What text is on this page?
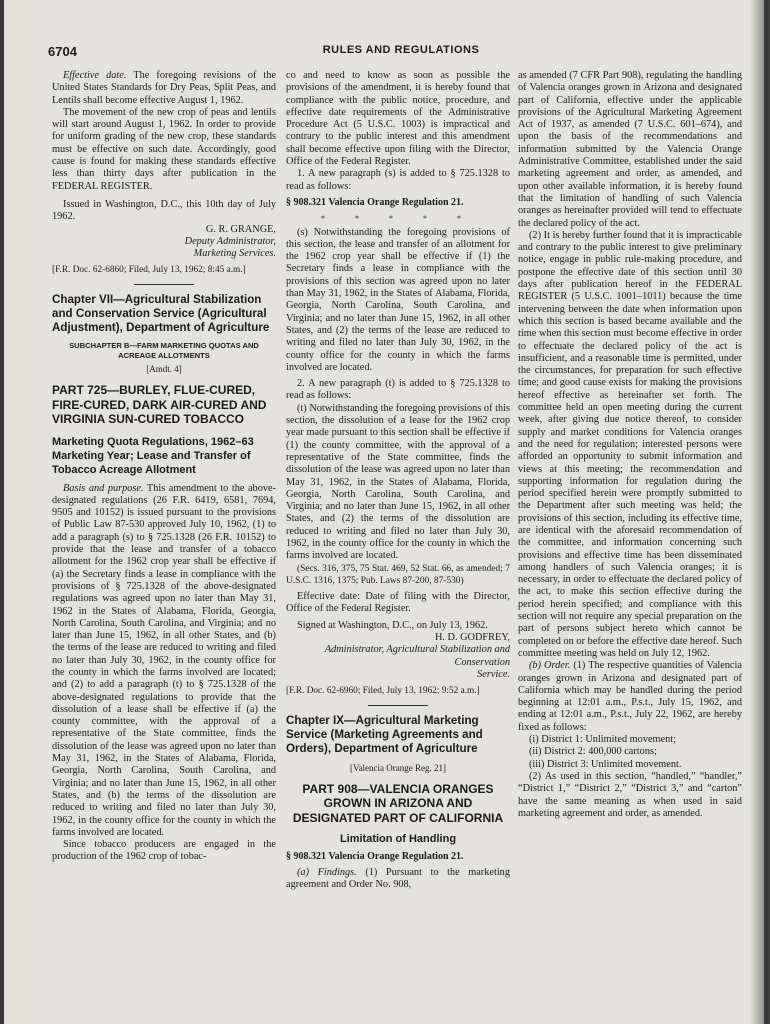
6704	RULES AND REGULATIONS

Effective date. The foregoing revisions of the United States Standards for Dry Peas, Split Peas, and Lentils shall become effective August 1, 1962.

The movement of the new crop of peas and lentils will start around August 1, 1962. In order to provide for uniform grading of the new crop, these standards must be effective on such date. Accordingly, good cause is found for making these standards effective less than thirty days after publication in the FEDERAL REGISTER.

Issued in Washington, D.C., this 10th day of July 1962.

G. R. GRANGE,
Deputy Administrator,
Marketing Services.

[F.R. Doc. 62-6860; Filed, July 13, 1962; 8:45 a.m.]

Chapter VII—Agricultural Stabilization and Conservation Service (Agricultural Adjustment), Department of Agriculture
SUBCHAPTER B—FARM MARKETING QUOTAS AND ACREAGE ALLOTMENTS
[Amdt. 4]
PART 725—BURLEY, FLUE-CURED, FIRE-CURED, DARK AIR-CURED AND VIRGINIA SUN-CURED TOBACCO
Marketing Quota Regulations, 1962–63 Marketing Year; Lease and Transfer of Tobacco Acreage Allotment

Basis and purpose. This amendment to the above-designated regulations (26 F.R. 6419, 6581, 7694, 9505 and 10152) is issued pursuant to the provisions of Public Law 87-530 approved July 10, 1962, (1) to add a paragraph (s) to § 725.1328 (26 F.R. 10152) to provide that the lease and transfer of a tobacco allotment for the 1962 crop year shall be effective if (a) the Secretary finds a lease in compliance with the provisions of § 725.1328 of the above-designated regulations was agreed upon no later than May 31, 1962 in the States of Alabama, Florida, Georgia, North Carolina, South Carolina, and Virginia; and no later than June 15, 1962, in all other States, and (b) the terms of the lease are reduced to writing and filed no later than July 30, 1962, in the county office for the county in which the farms involved are located; and (2) to add a paragraph (t) to § 725.1328 of the above-designated regulations to provide that the dissolution of a lease shall be effective if (a) the county committee, with the approval of a representative of the State committee, finds the dissolution of the lease was agreed upon no later than May 31, 1962, in the States of Alabama, Florida, Georgia, North Carolina, South Carolina, and Virginia; and no later than June 15, 1962, in all other States, and (b) the terms of the dissolution are reduced to writing and filed no later than July 30, 1962, in the county office for the county in which the farms involved are located.

Since tobacco producers are engaged in the production of the 1962 crop of tobac-

co and need to know as soon as possible the provisions of the amendment, it is hereby found that compliance with the public notice, procedure, and effective date requirements of the Administrative Procedure Act (5 U.S.C. 1003) is impractical and contrary to the public interest and this amendment shall become effective upon filing with the Director, Office of the Federal Register.

1. A new paragraph (s) is added to § 725.1328 to read as follows:

§ 908.321 Valencia Orange Regulation 21.

* * * * *

(s) Notwithstanding the foregoing provisions of this section, the lease and transfer of an allotment for the 1962 crop year shall be effective if (1) the Secretary finds a lease in compliance with the provisions of this section was agreed upon no later than May 31, 1962, in the States of Alabama, Florida, Georgia, North Carolina, South Carolina, and Virginia; and no later than June 15, 1962, in all other States, and (2) the terms of the lease are reduced to writing and filed no later than July 30, 1962, in the county office for the county in which the farms involved are located.

2. A new paragraph (t) is added to § 725.1328 to read as follows:

(t) Notwithstanding the foregoing provisions of this section, the dissolution of a lease for the 1962 crop year made pursuant to this section shall be effective if (1) the county committee, with the approval of a representative of the State committee, finds the dissolution of the lease was agreed upon no later than May 31, 1962, in the States of Alabama, Florida, Georgia, North Carolina, South Carolina, and Virginia; and no later than June 15, 1962, in all other States, and (2) the terms of the dissolution are reduced to writing and filed no later than July 30, 1962, in the county office for the county in which the farms involved are located.

(Secs. 316, 375, 75 Stat. 469, 52 Stat. 66, as amended; 7 U.S.C. 1316, 1375; Pub. Laws 87-200, 87-530)

Effective date: Date of filing with the Director, Office of the Federal Register.

Signed at Washington, D.C., on July 13, 1962.

H. D. GODFREY,
Administrator, Agricultural Stabilization and Conservation
Service.

[F.R. Doc. 62-6960; Filed, July 13, 1962; 9:52 a.m.]

Chapter IX—Agricultural Marketing Service (Marketing Agreements and Orders), Department of Agriculture
[Valencia Orange Reg. 21]
PART 908—VALENCIA ORANGES GROWN IN ARIZONA AND DESIGNATED PART OF CALIFORNIA
Limitation of Handling

§ 908.321 Valencia Orange Regulation 21.

(a) Findings. (1) Pursuant to the marketing agreement and Order No. 908,

as amended (7 CFR Part 908), regulating the handling of Valencia oranges grown in Arizona and designated part of California, effective under the applicable provisions of the Agricultural Marketing Agreement Act of 1937, as amended (7 U.S.C. 601–674), and upon the basis of the recommendations and information submitted by the Valencia Orange Administrative Committee, established under the said marketing agreement and order, as amended, and upon other available information, it is hereby found that the limitation of handling of such Valencia oranges as hereinafter provided will tend to effectuate the declared policy of the act.

(2) It is hereby further found that it is impracticable and contrary to the public interest to give preliminary notice, engage in public rule-making procedure, and postpone the effective date of this section until 30 days after publication hereof in the FEDERAL REGISTER (5 U.S.C. 1001–1011) because the time intervening between the date when information upon which this section is based became available and the time when this section must become effective in order to effectuate the declared policy of the act is insufficient, and a reasonable time is permitted, under the circumstances, for preparation for such effective time; and good cause exists for making the provisions hereof effective as hereinafter set forth. The committee held an open meeting during the current week, after giving due notice thereof, to consider supply and market conditions for Valencia oranges and the need for regulation; interested persons were afforded an opportunity to submit information and views at this meeting; the recommendation and supporting information for regulation during the period specified herein were promptly submitted to the Department after such meeting was held; the provisions of this section, including its effective time, are identical with the aforesaid recommendation of the committee, and information concerning such provisions and effective time has been disseminated among handlers of such Valencia oranges; it is necessary, in order to effectuate the declared policy of the act, to make this section effective during the period herein specified; and compliance with this section will not require any special preparation on the part of persons subject hereto which cannot be completed on or before the effective date hereof. Such committee meeting was held on July 12, 1962.

(b) Order. (1) The respective quantities of Valencia oranges grown in Arizona and designated part of California which may be handled during the period beginning at 12:01 a.m., P.s.t., July 15, 1962, and ending at 12:01 a.m., P.s.t., July 22, 1962, are hereby fixed as follows:

(i) District 1: Unlimited movement;

(ii) District 2: 400,000 cartons;

(iii) District 3: Unlimited movement.

(2) As used in this section, “handled,” “handler,” “District 1,” “District 2,” “District 3,” and “carton” have the same meaning as when used in said marketing agreement and order, as amended.
